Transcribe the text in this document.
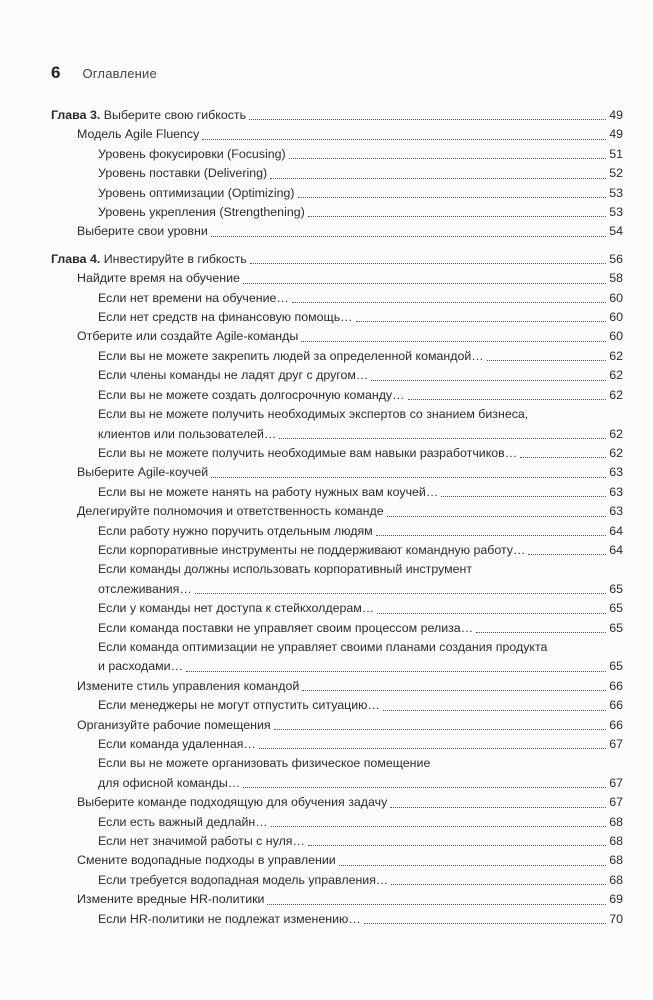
6 Оглавление
Глава 3. Выберите свою гибкость	49
Модель Agile Fluency	49
Уровень фокусировки (Focusing)	51
Уровень поставки (Delivering)	52
Уровень оптимизации (Optimizing)	53
Уровень укрепления (Strengthening)	53
Выберите свои уровни	54
Глава 4. Инвестируйте в гибкость	56
Найдите время на обучение	58
Если нет времени на обучение…	60
Если нет средств на финансовую помощь…	60
Отберите или создайте Agile-команды	60
Если вы не можете закрепить людей за определенной командой…	62
Если члены команды не ладят друг с другом…	62
Если вы не можете создать долгосрочную команду…	62
Если вы не можете получить необходимых экспертов со знанием бизнеса,
клиентов или пользователей…	62
Если вы не можете получить необходимые вам навыки разработчиков…	62
Выберите Agile-коучей	63
Если вы не можете нанять на работу нужных вам коучей…	63
Делегируйте полномочия и ответственность команде	63
Если работу нужно поручить отдельным людям	64
Если корпоративные инструменты не поддерживают командную работу…	64
Если команды должны использовать корпоративный инструмент
отслеживания…	65
Если у команды нет доступа к стейкхолдерам…	65
Если команда поставки не управляет своим процессом релиза…	65
Если команда оптимизации не управляет своими планами создания продукта
и расходами…	65
Измените стиль управления командой	66
Если менеджеры не могут отпустить ситуацию…	66
Организуйте рабочие помещения	66
Если команда удаленная…	67
Если вы не можете организовать физическое помещение
для офисной команды…	67
Выберите команде подходящую для обучения задачу	67
Если есть важный дедлайн…	68
Если нет значимой работы с нуля…	68
Смените водопадные подходы в управлении	68
Если требуется водопадная модель управления…	68
Измените вредные HR-политики	69
Если HR-политики не подлежат изменению…	70
